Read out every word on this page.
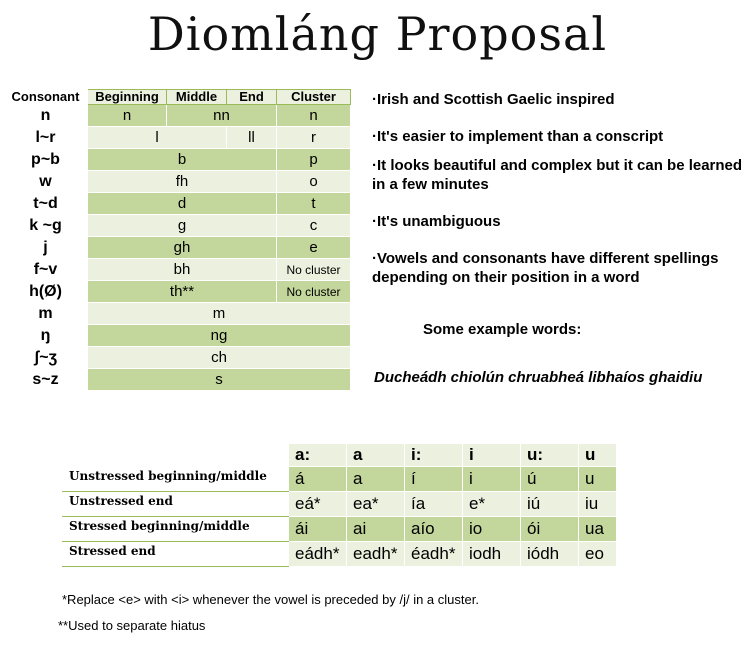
Diomláng Proposal
Consonant	Beginning	Middle	End	Cluster
n	n	nn		n
l~r	l		ll	r
p~b	b			p
w	fh			o
t~d	d			t
k ~g	g			c
j	gh			e
f~v	bh			No cluster
h(Ø)	th**			No cluster
m	m			
ŋ	ng			
ʃ~ʒ	ch			
s~z	s			

·Irish and Scottish Gaelic inspired

·It's easier to implement than a conscript

·It looks beautiful and complex but it can be learned in a few minutes

·It's unambiguous

·Vowels and consonants have different spellings depending on their position in a word

Some example words:
Ducheádh chiolún chruabheá libhaíos ghaidiu
	a:	a	i:	i	u:	u
Unstressed beginning/middle	á	a	í	i	ú	u
Unstressed end	eá*	ea*	ía	e*	iú	iu
Stressed beginning/middle	ái	ai	aío	io	ói	ua
Stressed end	eádh*	eadh*	éadh*	iodh	iódh	eo
*Replace <e> with <i> whenever the vowel is preceded by /j/ in a cluster.
**Used to separate hiatus
